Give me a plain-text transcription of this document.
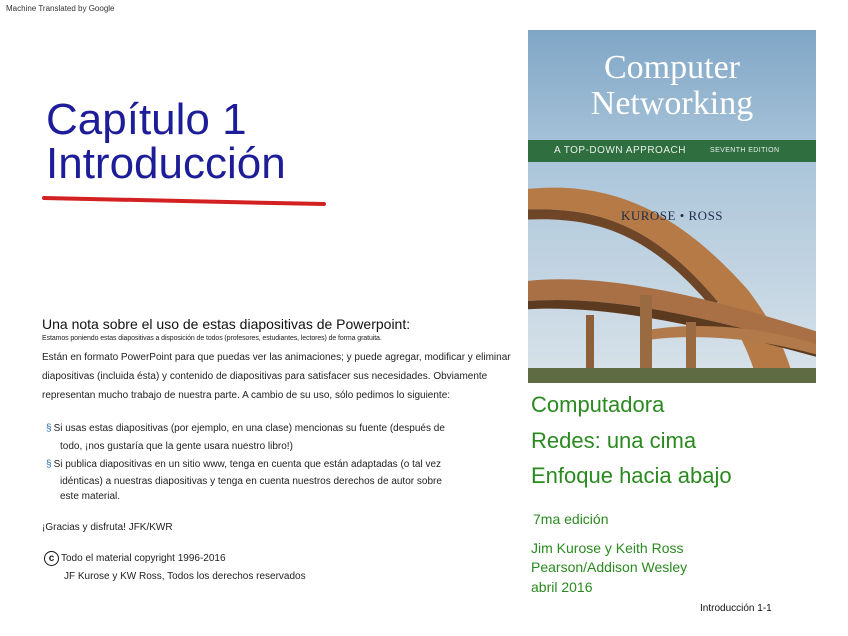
Machine Translated by Google
Capítulo 1
Introducción
Una nota sobre el uso de estas diapositivas de Powerpoint:
Estamos poniendo estas diapositivas a disposición de todos (profesores, estudiantes, lectores) de forma gratuita.
Están en formato PowerPoint para que puedas ver las animaciones; y puede agregar, modificar y eliminar diapositivas (incluida ésta) y contenido de diapositivas para satisfacer sus necesidades. Obviamente representan mucho trabajo de nuestra parte. A cambio de su uso, sólo pedimos lo siguiente:
§ Si usas estas diapositivas (por ejemplo, en una clase) mencionas su fuente (después de
todo, ¡nos gustaría que la gente usara nuestro libro!)
§ Si publica diapositivas en un sitio www, tenga en cuenta que están adaptadas (o tal vez
idénticas) a nuestras diapositivas y tenga en cuenta nuestros derechos de autor sobre
este material.
¡Gracias y disfruta! JFK/KWR
c Todo el material copyright 1996-2016
JF Kurose y KW Ross, Todos los derechos reservados
Computer
Networking
A TOP-DOWN APPROACH	SEVENTH EDITION
KUROSE • ROSS
Computadora
Redes: una cima
Enfoque hacia abajo
7ma edición
Jim Kurose y Keith Ross
Pearson/Addison Wesley
abril 2016
Introducción 1-1
